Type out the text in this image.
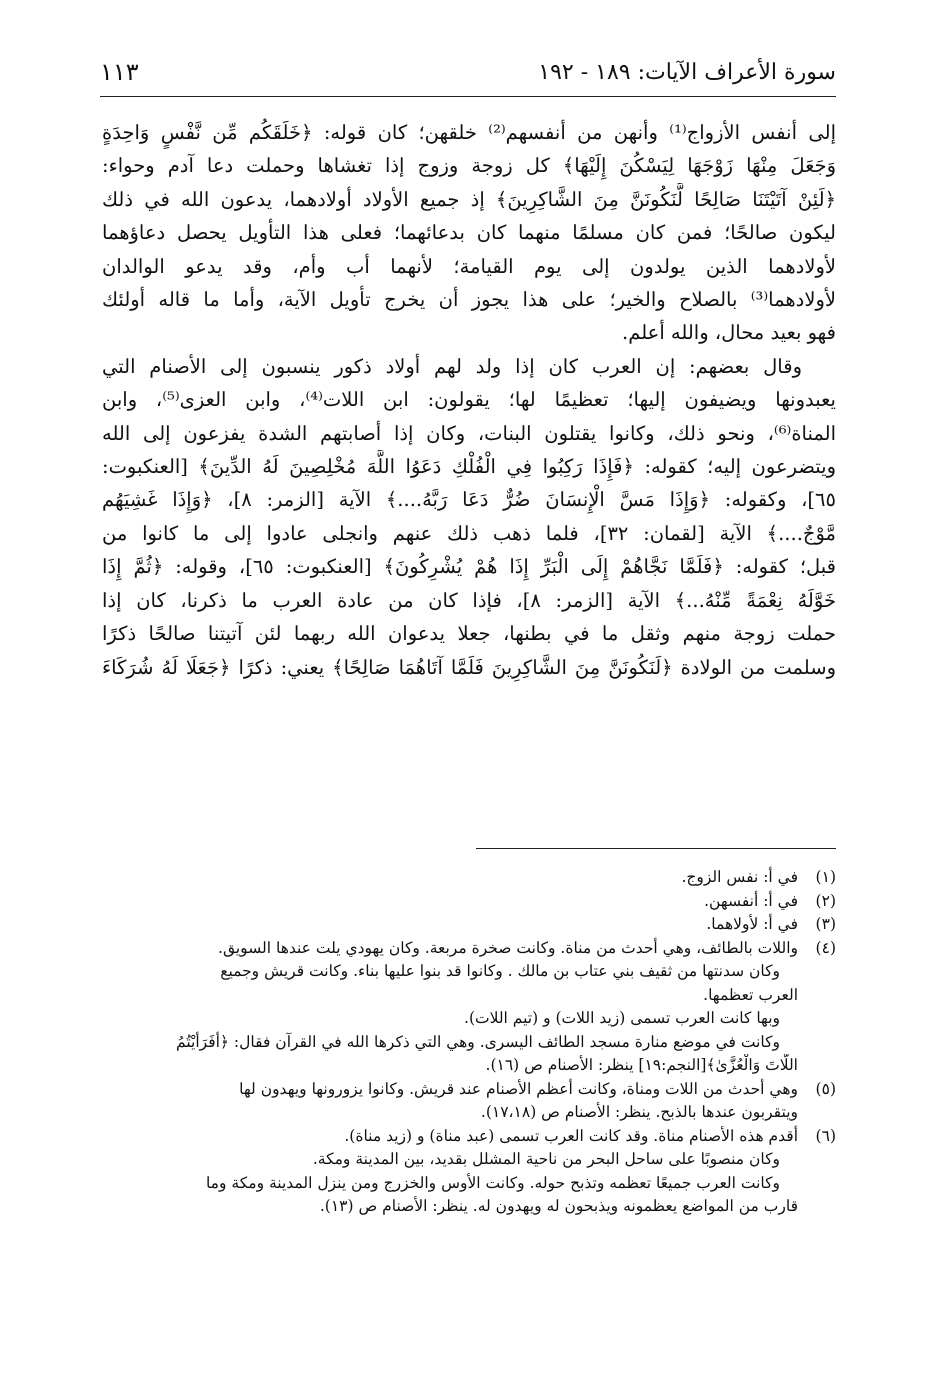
سورة الأعراف الآيات: ١٨٩ - ١٩٢
١١٣

إلى أنفس الأزواج⁽¹⁾ وأنهن من أنفسهم⁽²⁾ خلقهن؛ كان قوله: ﴿خَلَقَكُم مِّن نَّفْسٍ وَاحِدَةٍ

وَجَعَلَ مِنْهَا زَوْجَهَا لِيَسْكُنَ إِلَيْهَا﴾ كل زوجة وزوج إذا تغشاها وحملت دعا آدم وحواء:

﴿لَئِنْ آتَيْتَنَا صَالِحًا لَّنَكُونَنَّ مِنَ الشَّاكِرِينَ﴾ إذ جميع الأولاد أولادهما، يدعون الله في ذلك

ليكون صالحًا؛ فمن كان مسلمًا منهما كان بدعائهما؛ فعلى هذا التأويل يحصل دعاؤهما

لأولادهما الذين يولدون إلى يوم القيامة؛ لأنهما أب وأم، وقد يدعو الوالدان

لأولادهما⁽³⁾ بالصلاح والخير؛ على هذا يجوز أن يخرج تأويل الآية، وأما ما قاله أولئك

فهو بعيد محال، والله أعلم.

وقال بعضهم: إن العرب كان إذا ولد لهم أولاد ذكور ينسبون إلى الأصنام التي

يعبدونها ويضيفون إليها؛ تعظيمًا لها؛ يقولون: ابن اللات⁽⁴⁾، وابن العزى⁽⁵⁾، وابن

المناة⁽⁶⁾، ونحو ذلك، وكانوا يقتلون البنات، وكان إذا أصابتهم الشدة يفزعون إلى الله

ويتضرعون إليه؛ كقوله: ﴿فَإِذَا رَكِبُوا فِي الْفُلْكِ دَعَوُا اللَّهَ مُخْلِصِينَ لَهُ الدِّينَ﴾ [العنكبوت:

٦٥]، وكقوله: ﴿وَإِذَا مَسَّ الْإِنسَانَ ضُرٌّ دَعَا رَبَّهُ....﴾ الآية [الزمر: ٨]، ﴿وَإِذَا غَشِيَهُم

مَّوْجٌ....﴾ الآية [لقمان: ٣٢]، فلما ذهب ذلك عنهم وانجلى عادوا إلى ما كانوا من

قبل؛ كقوله: ﴿فَلَمَّا نَجَّاهُمْ إِلَى الْبَرِّ إِذَا هُمْ يُشْرِكُونَ﴾ [العنكبوت: ٦٥]، وقوله: ﴿ثُمَّ إِذَا

خَوَّلَهُ نِعْمَةً مِّنْهُ...﴾ الآية [الزمر: ٨]، فإذا كان من عادة العرب ما ذكرنا، كان إذا

حملت زوجة منهم وثقل ما في بطنها، جعلا يدعوان الله ربهما لئن آتيتنا صالحًا ذكرًا

وسلمت من الولادة ﴿لَنَكُونَنَّ مِنَ الشَّاكِرِينَ فَلَمَّا آتَاهُمَا صَالِحًا﴾ يعني: ذكرًا ﴿جَعَلَا لَهُ شُرَكَاءَ

(١)
في أ: نفس الزوج.
(٢)
في أ: أنفسهن.
(٣)
في أ: لأولاهما.
(٤)
واللات بالطائف، وهي أحدث من مناة. وكانت صخرة مربعة. وكان يهودي يلت عندها السويق.
وكان سدنتها من ثقيف بني عتاب بن مالك . وكانوا قد بنوا عليها بناء. وكانت قريش وجميع
العرب تعظمها.
وبها كانت العرب تسمى (زيد اللات) و (تيم اللات).
وكانت في موضع منارة مسجد الطائف اليسرى. وهي التي ذكرها الله في القرآن فقال: ﴿أَفَرَأَيْتُمُ
اللَّاتَ وَالْعُزَّىٰ﴾[النجم:١٩] ينظر: الأصنام ص (١٦).
(٥)
وهي أحدث من اللات ومناة، وكانت أعظم الأصنام عند قريش. وكانوا يزورونها ويهدون لها
ويتقربون عندها بالذبح. ينظر: الأصنام ص (١٧،١٨).
(٦)
أقدم هذه الأصنام مناة. وقد كانت العرب تسمى (عبد مناة) و (زيد مناة).
وكان منصوبًا على ساحل البحر من ناحية المشلل بقديد، بين المدينة ومكة.
وكانت العرب جميعًا تعظمه وتذبح حوله. وكانت الأوس والخزرج ومن ينزل المدينة ومكة وما
قارب من المواضع يعظمونه ويذبحون له ويهدون له. ينظر: الأصنام ص (١٣).
